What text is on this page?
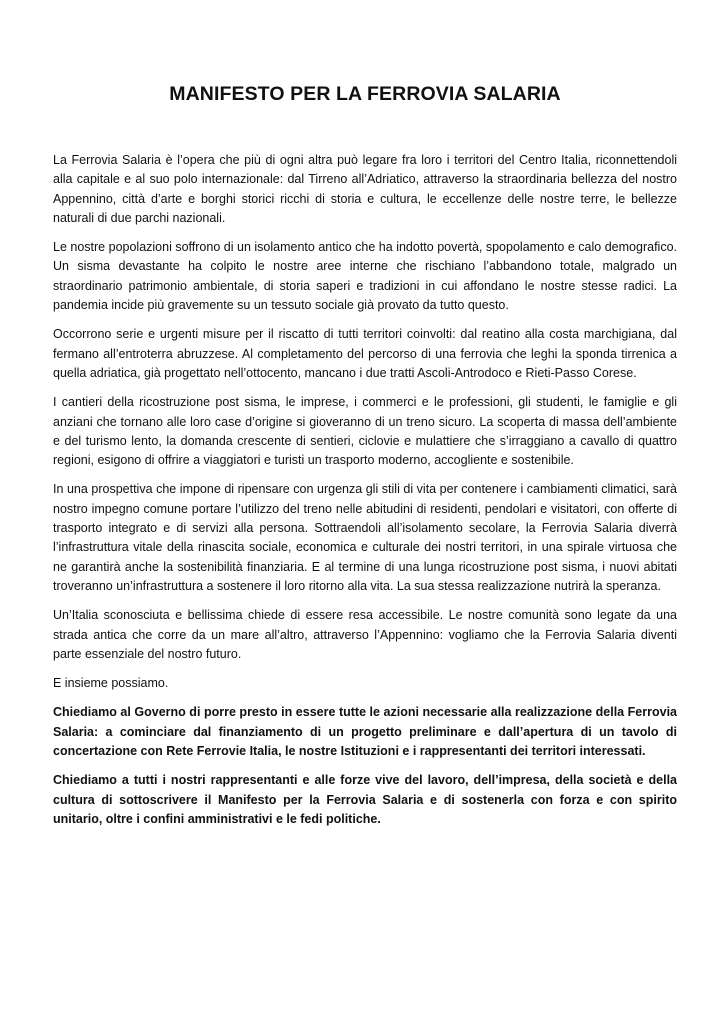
MANIFESTO PER LA FERROVIA SALARIA

La Ferrovia Salaria è l’opera che più di ogni altra può legare fra loro i territori del Centro Italia, riconnettendoli alla capitale e al suo polo internazionale: dal Tirreno all’Adriatico, attraverso la straordinaria bellezza del nostro Appennino, città d’arte e borghi storici ricchi di storia e cultura, le eccellenze delle nostre terre, le bellezze naturali di due parchi nazionali.

Le nostre popolazioni soffrono di un isolamento antico che ha indotto povertà, spopolamento e calo demografico. Un sisma devastante ha colpito le nostre aree interne che rischiano l’abbandono totale, malgrado un straordinario patrimonio ambientale, di storia saperi e tradizioni in cui affondano le nostre stesse radici. La pandemia incide più gravemente su un tessuto sociale già provato da tutto questo.

Occorrono serie e urgenti misure per il riscatto di tutti territori coinvolti: dal reatino alla costa marchigiana, dal fermano all’entroterra abruzzese. Al completamento del percorso di una ferrovia che leghi la sponda tirrenica a quella adriatica, già progettato nell’ottocento, mancano i due tratti Ascoli-Antrodoco e Rieti-Passo Corese.

I cantieri della ricostruzione post sisma, le imprese, i commerci e le professioni, gli studenti, le famiglie e gli anziani che tornano alle loro case d’origine si gioveranno di un treno sicuro. La scoperta di massa dell’ambiente e del turismo lento, la domanda crescente di sentieri, ciclovie e mulattiere che s’irraggiano a cavallo di quattro regioni, esigono di offrire a viaggiatori e turisti un trasporto moderno, accogliente e sostenibile.

In una prospettiva che impone di ripensare con urgenza gli stili di vita per contenere i cambiamenti climatici, sarà nostro impegno comune portare l’utilizzo del treno nelle abitudini di residenti, pendolari e visitatori, con offerte di trasporto integrato e di servizi alla persona. Sottraendoli all’isolamento secolare, la Ferrovia Salaria diverrà l’infrastruttura vitale della rinascita sociale, economica e culturale dei nostri territori, in una spirale virtuosa che ne garantirà anche la sostenibilità finanziaria. E al termine di una lunga ricostruzione post sisma, i nuovi abitati troveranno un’infrastruttura a sostenere il loro ritorno alla vita. La sua stessa realizzazione nutrirà la speranza.

Un’Italia sconosciuta e bellissima chiede di essere resa accessibile. Le nostre comunità sono legate da una strada antica che corre da un mare all’altro, attraverso l’Appennino: vogliamo che la Ferrovia Salaria diventi parte essenziale del nostro futuro.

E insieme possiamo.

Chiediamo al Governo di porre presto in essere tutte le azioni necessarie alla realizzazione della Ferrovia Salaria: a cominciare dal finanziamento di un progetto preliminare e dall’apertura di un tavolo di concertazione con Rete Ferrovie Italia, le nostre Istituzioni e i rappresentanti dei territori interessati.

Chiediamo a tutti i nostri rappresentanti e alle forze vive del lavoro, dell’impresa, della società e della cultura di sottoscrivere il Manifesto per la Ferrovia Salaria e di sostenerla con forza e con spirito unitario, oltre i confini amministrativi e le fedi politiche.
